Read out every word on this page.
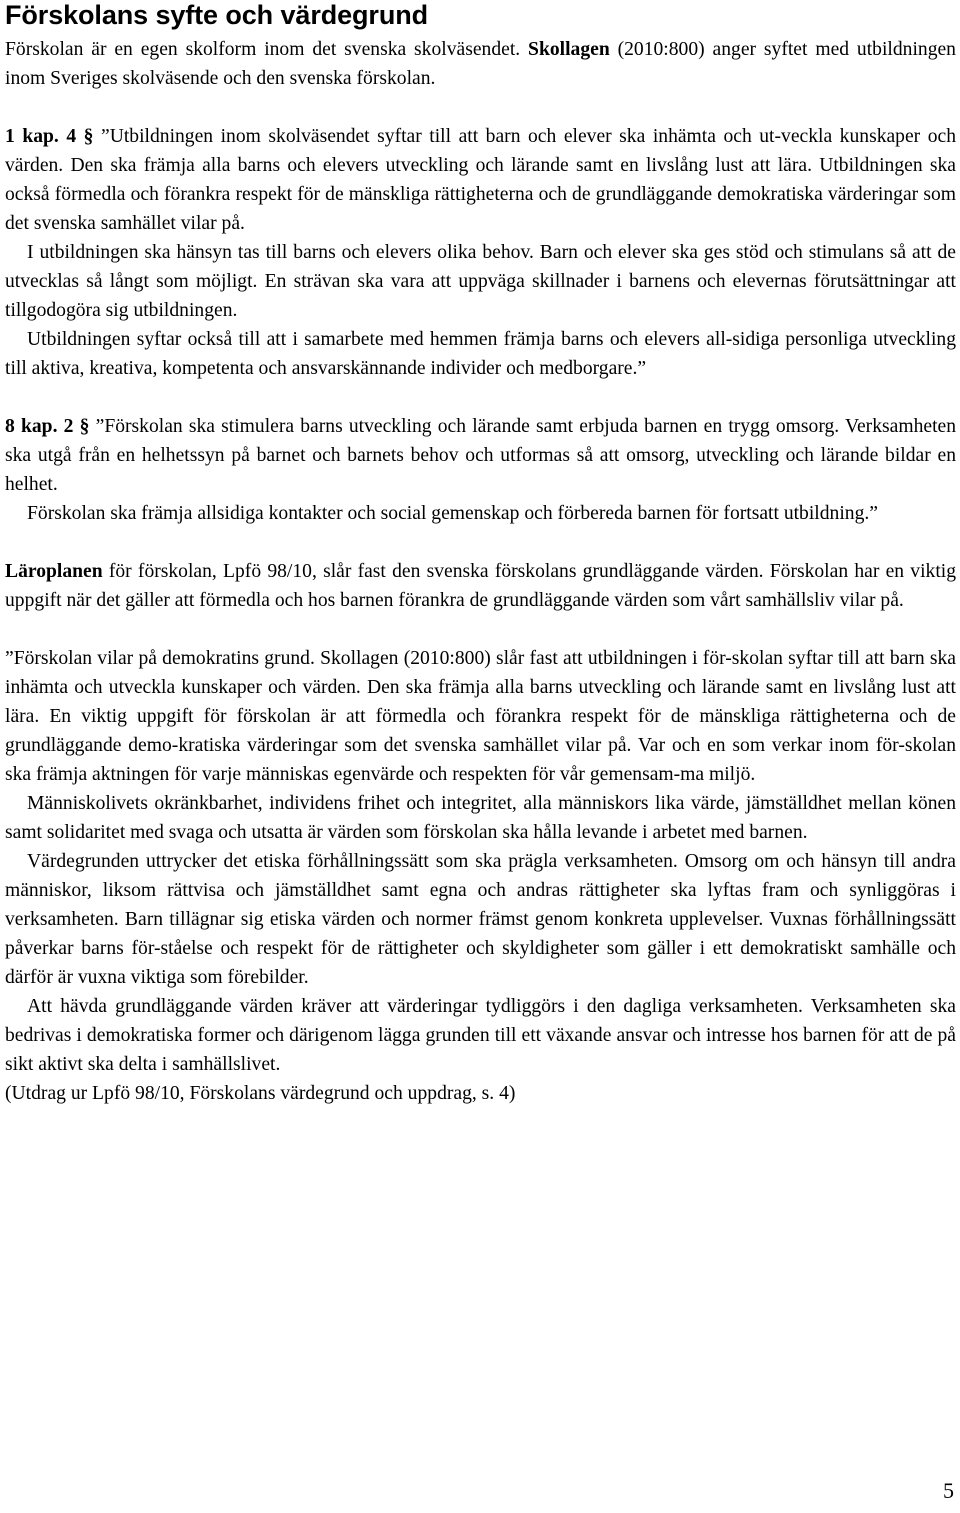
Förskolans syfte och värdegrund

Förskolan är en egen skolform inom det svenska skolväsendet. Skollagen (2010:800) anger syftet med utbildningen inom Sveriges skolväsende och den svenska förskolan.

1 kap. 4 § ”Utbildningen inom skolväsendet syftar till att barn och elever ska inhämta och ut-veckla kunskaper och värden. Den ska främja alla barns och elevers utveckling och lärande samt en livslång lust att lära. Utbildningen ska också förmedla och förankra respekt för de mänskliga rättigheterna och de grundläggande demokratiska värderingar som det svenska samhället vilar på.

I utbildningen ska hänsyn tas till barns och elevers olika behov. Barn och elever ska ges stöd och stimulans så att de utvecklas så långt som möjligt. En strävan ska vara att uppväga skillnader i barnens och elevernas förutsättningar att tillgodogöra sig utbildningen.

Utbildningen syftar också till att i samarbete med hemmen främja barns och elevers all-sidiga personliga utveckling till aktiva, kreativa, kompetenta och ansvarskännande individer och medborgare.”

8 kap. 2 § ”Förskolan ska stimulera barns utveckling och lärande samt erbjuda barnen en trygg omsorg. Verksamheten ska utgå från en helhetssyn på barnet och barnets behov och utformas så att omsorg, utveckling och lärande bildar en helhet.

Förskolan ska främja allsidiga kontakter och social gemenskap och förbereda barnen för fortsatt utbildning.”

Läroplanen för förskolan, Lpfö 98/10, slår fast den svenska förskolans grundläggande värden. Förskolan har en viktig uppgift när det gäller att förmedla och hos barnen förankra de grundläggande värden som vårt samhällsliv vilar på.

”Förskolan vilar på demokratins grund. Skollagen (2010:800) slår fast att utbildningen i för-skolan syftar till att barn ska inhämta och utveckla kunskaper och värden. Den ska främja alla barns utveckling och lärande samt en livslång lust att lära. En viktig uppgift för förskolan är att förmedla och förankra respekt för de mänskliga rättigheterna och de grundläggande demo-kratiska värderingar som det svenska samhället vilar på. Var och en som verkar inom för-skolan ska främja aktningen för varje människas egenvärde och respekten för vår gemensam-ma miljö.

Människolivets okränkbarhet, individens frihet och integritet, alla människors lika värde, jämställdhet mellan könen samt solidaritet med svaga och utsatta är värden som förskolan ska hålla levande i arbetet med barnen.

Värdegrunden uttrycker det etiska förhållningssätt som ska prägla verksamheten. Omsorg om och hänsyn till andra människor, liksom rättvisa och jämställdhet samt egna och andras rättigheter ska lyftas fram och synliggöras i verksamheten. Barn tillägnar sig etiska värden och normer främst genom konkreta upplevelser. Vuxnas förhållningssätt påverkar barns för-ståelse och respekt för de rättigheter och skyldigheter som gäller i ett demokratiskt samhälle och därför är vuxna viktiga som förebilder.

Att hävda grundläggande värden kräver att värderingar tydliggörs i den dagliga verksamheten. Verksamheten ska bedrivas i demokratiska former och därigenom lägga grunden till ett växande ansvar och intresse hos barnen för att de på sikt aktivt ska delta i samhällslivet.

(Utdrag ur Lpfö 98/10, Förskolans värdegrund och uppdrag, s. 4)

5
